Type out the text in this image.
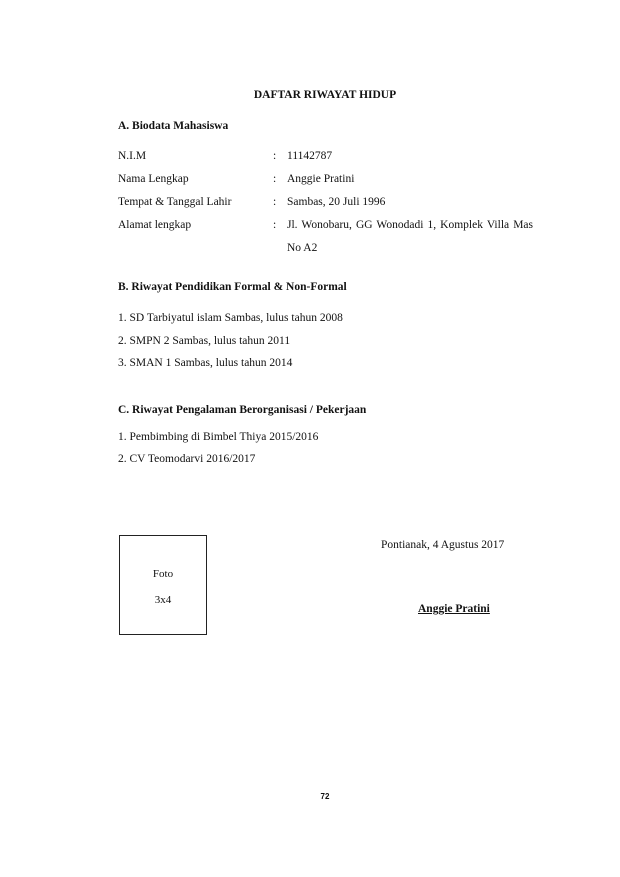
DAFTAR RIWAYAT HIDUP
A. Biodata Mahasiswa
N.I.M	: 11142787
Nama Lengkap	: Anggie Pratini
Tempat & Tanggal Lahir	: Sambas, 20 Juli 1996
Alamat lengkap	: Jl. Wonobaru, GG Wonodadi 1, Komplek Villa Mas No A2
B. Riwayat Pendidikan Formal & Non-Formal
1. SD Tarbiyatul islam Sambas, lulus tahun 2008
2. SMPN 2 Sambas, lulus tahun 2011
3. SMAN 1 Sambas, lulus tahun 2014
C. Riwayat Pengalaman Berorganisasi / Pekerjaan
1. Pembimbing di Bimbel Thiya 2015/2016
2. CV Teomodarvi 2016/2017
Foto
3x4
Pontianak, 4 Agustus 2017
Anggie Pratini
72
